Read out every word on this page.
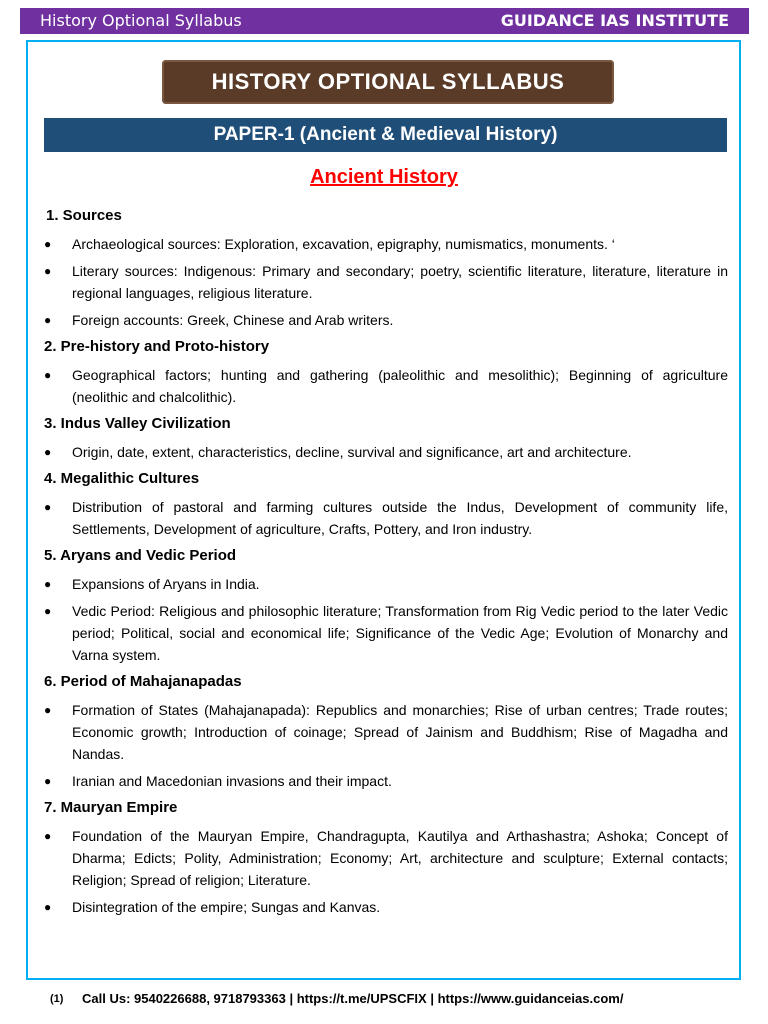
History Optional Syllabus	GUIDANCE IAS INSTITUTE
HISTORY OPTIONAL SYLLABUS
PAPER-1 (Ancient & Medieval History)
Ancient History

1. Sources

● Archaeological sources: Exploration, excavation, epigraphy, numismatics, monuments. ‘
● Literary sources: Indigenous: Primary and secondary; poetry, scientific literature, literature, literature in regional languages, religious literature.
● Foreign accounts: Greek, Chinese and Arab writers.

2. Pre-history and Proto-history

● Geographical factors; hunting and gathering (paleolithic and mesolithic); Beginning of agriculture (neolithic and chalcolithic).

3. Indus Valley Civilization

● Origin, date, extent, characteristics, decline, survival and significance, art and architecture.

4. Megalithic Cultures

● Distribution of pastoral and farming cultures outside the Indus, Development of community life, Settlements, Development of agriculture, Crafts, Pottery, and Iron industry.

5. Aryans and Vedic Period

● Expansions of Aryans in India.
● Vedic Period: Religious and philosophic literature; Transformation from Rig Vedic period to the later Vedic period; Political, social and economical life; Significance of the Vedic Age; Evolution of Monarchy and Varna system.

6. Period of Mahajanapadas

● Formation of States (Mahajanapada): Republics and monarchies; Rise of urban centres; Trade routes; Economic growth; Introduction of coinage; Spread of Jainism and Buddhism; Rise of Magadha and Nandas.
● Iranian and Macedonian invasions and their impact.

7. Mauryan Empire

● Foundation of the Mauryan Empire, Chandragupta, Kautilya and Arthashastra; Ashoka; Concept of Dharma; Edicts; Polity, Administration; Economy; Art, architecture and sculpture; External contacts; Religion; Spread of religion; Literature.
● Disintegration of the empire; Sungas and Kanvas.
(1) Call Us: 9540226688, 9718793363 | https://t.me/UPSCFIX | https://www.guidanceias.com/
